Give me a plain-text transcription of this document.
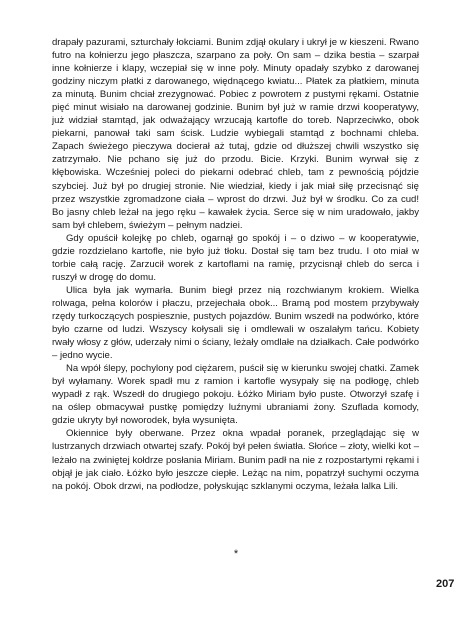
drapały pazurami, szturchały łokciami. Bunim zdjął okulary i ukrył je w kieszeni. Rwano futro na kołnierzu jego płaszcza, szarpano za poły. On sam – dzika bestia – szarpał inne kołnierze i klapy, wczepiał się w inne poły. Minuty opadały szybko z darowanej godziny niczym płatki z darowanego, więdnącego kwiatu... Płatek za płatkiem, minuta za minutą. Bunim chciał zrezygnować. Pobiec z powrotem z pustymi rękami. Ostatnie pięć minut wisiało na darowanej godzinie. Bunim był już w ramie drzwi kooperatywy, już widział stamtąd, jak odważający wrzucają kartofle do toreb. Naprzeciwko, obok piekarni, panował taki sam ścisk. Ludzie wybiegali stamtąd z bochnami chleba. Zapach świeżego pieczywa docierał aż tutaj, gdzie od dłuższej chwili wszystko się zatrzymało. Nie pchano się już do przodu. Bicie. Krzyki. Bunim wyrwał się z kłębowiska. Wcześniej poleci do piekarni odebrać chleb, tam z pewnością pójdzie szybciej. Już był po drugiej stronie. Nie wiedział, kiedy i jak miał siłę przecisnąć się przez wszystkie zgromadzone ciała – wprost do drzwi. Już był w środku. Co za cud! Bo jasny chleb leżał na jego ręku – kawałek życia. Serce się w nim uradowało, jakby sam był chlebem, świeżym – pełnym nadziei.

Gdy opuścił kolejkę po chleb, ogarnął go spokój i – o dziwo – w kooperatywie, gdzie rozdzielano kartofle, nie było już tłoku. Dostał się tam bez trudu. I oto miał w torbie całą rację. Zarzucił worek z kartoflami na ramię, przycisnął chleb do serca i ruszył w drogę do domu.

Ulica była jak wymarła. Bunim biegł przez nią rozchwianym krokiem. Wielka rolwaga, pełna kolorów i płaczu, przejechała obok... Bramą pod mostem przybywały rzędy turkoczących pospiesznie, pustych pojazdów. Bunim wszedł na podwórko, które było czarne od ludzi. Wszyscy kołysali się i omdlewali w oszalałym tańcu. Kobiety rwały włosy z głów, uderzały nimi o ściany, leżały omdlałe na działkach. Całe podwórko – jedno wycie.

Na wpół ślepy, pochylony pod ciężarem, puścił się w kierunku swojej chatki. Zamek był wyłamany. Worek spadł mu z ramion i kartofle wysypały się na podłogę, chleb wypadł z rąk. Wszedł do drugiego pokoju. Łóżko Miriam było puste. Otworzył szafę i na oślep obmacywał pustkę pomiędzy luźnymi ubraniami żony. Szuflada komody, gdzie ukryty był noworodek, była wysunięta.

Okiennice były oberwane. Przez okna wpadał poranek, przeglądając się w lustrzanych drzwiach otwartej szafy. Pokój był pełen światła. Słońce – złoty, wielki kot – leżało na zwiniętej kołdrze posłania Miriam. Bunim padł na nie z rozpostartymi rękami i objął je jak ciało. Łóżko było jeszcze ciepłe. Leżąc na nim, popatrzył suchymi oczyma na pokój. Obok drzwi, na podłodze, połyskując szklanymi oczyma, leżała lalka Lili.

*
207
